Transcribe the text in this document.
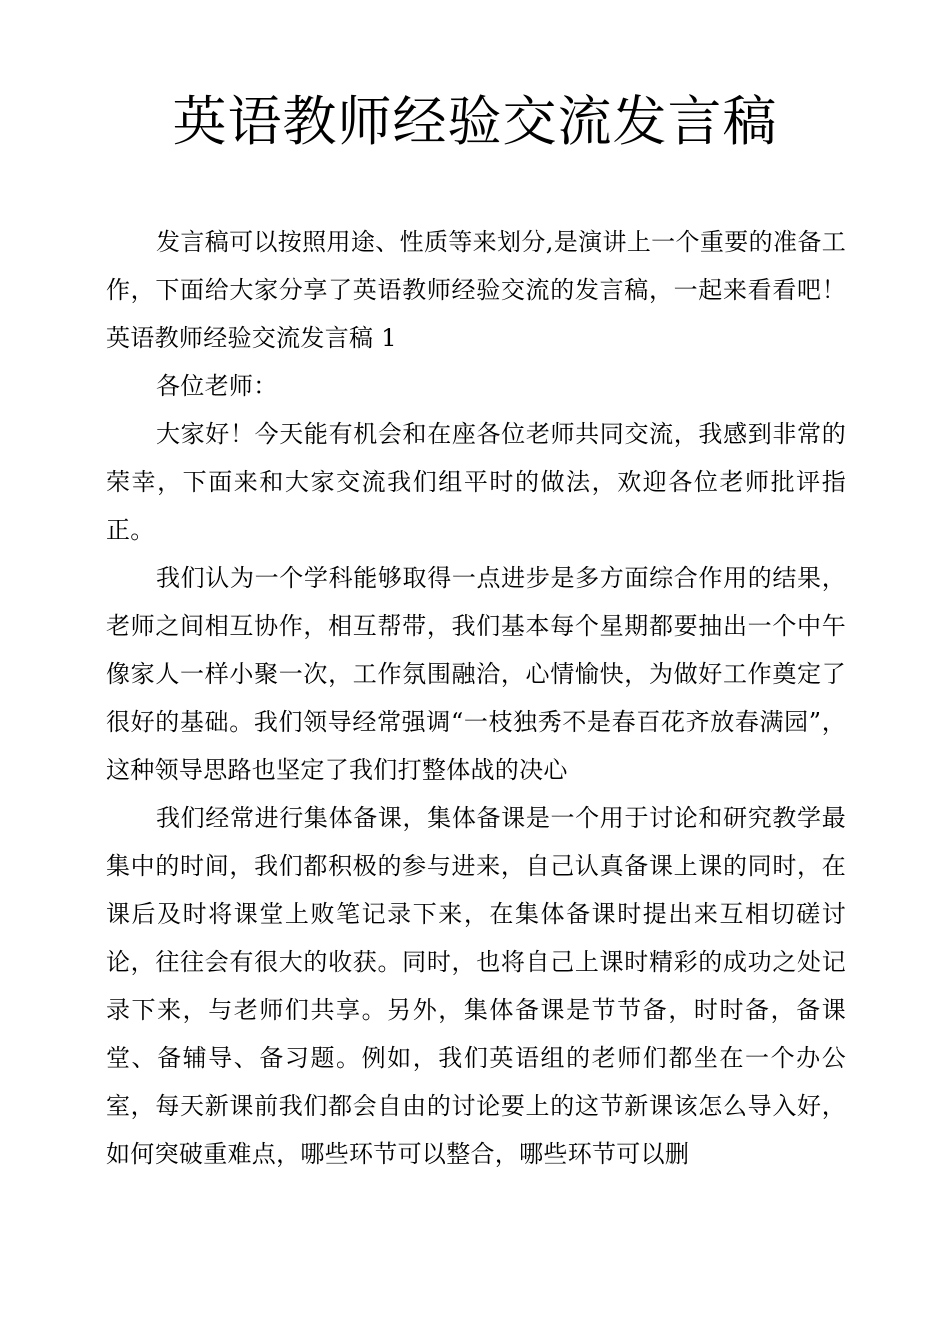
英语教师经验交流发言稿

发言稿可以按照用途、性质等来划分,是演讲上一个重要的准备工作，下面给大家分享了英语教师经验交流的发言稿，一起来看看吧！英语教师经验交流发言稿 1

各位老师：

大家好！今天能有机会和在座各位老师共同交流，我感到非常的荣幸，下面来和大家交流我们组平时的做法，欢迎各位老师批评指正。

我们认为一个学科能够取得一点进步是多方面综合作用的结果，老师之间相互协作，相互帮带，我们基本每个星期都要抽出一个中午像家人一样小聚一次，工作氛围融洽，心情愉快，为做好工作奠定了很好的基础。我们领导经常强调“一枝独秀不是春百花齐放春满园”，这种领导思路也坚定了我们打整体战的决心

我们经常进行集体备课，集体备课是一个用于讨论和研究教学最集中的时间，我们都积极的参与进来，自己认真备课上课的同时，在课后及时将课堂上败笔记录下来，在集体备课时提出来互相切磋讨论，往往会有很大的收获。同时，也将自己上课时精彩的成功之处记录下来，与老师们共享。另外，集体备课是节节备，时时备，备课堂、备辅导、备习题。例如，我们英语组的老师们都坐在一个办公室，每天新课前我们都会自由的讨论要上的这节新课该怎么导入好，如何突破重难点，哪些环节可以整合，哪些环节可以删
